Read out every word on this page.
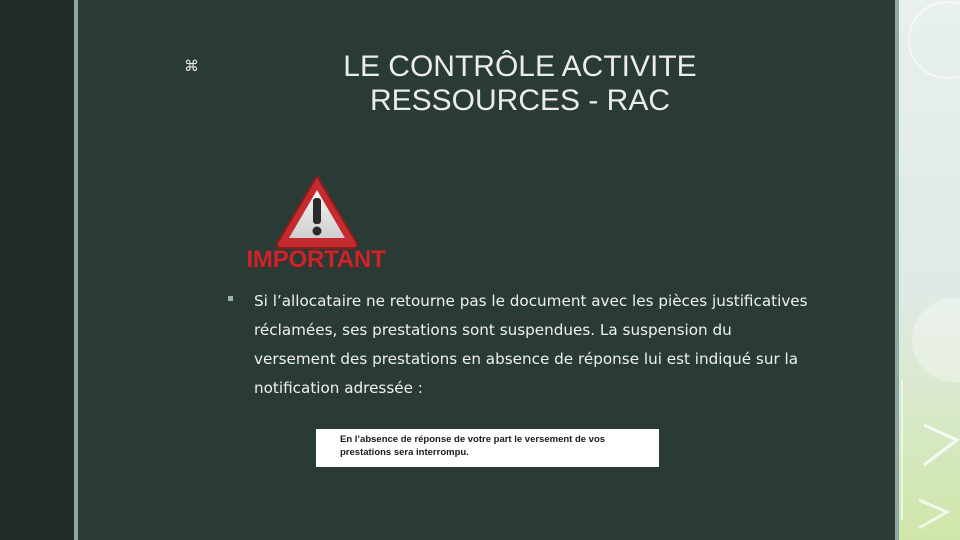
⌘	LE CONTRÔLE ACTIVITE
RESSOURCES - RAC
IMPORTANT
Si l’allocataire ne retourne pas le document avec les pièces justificatives réclamées, ses prestations sont suspendues. La suspension du versement des prestations en absence de réponse lui est indiqué sur la notification adressée :
En l’absence de réponse de votre part le versement de vos prestations sera interrompu.
